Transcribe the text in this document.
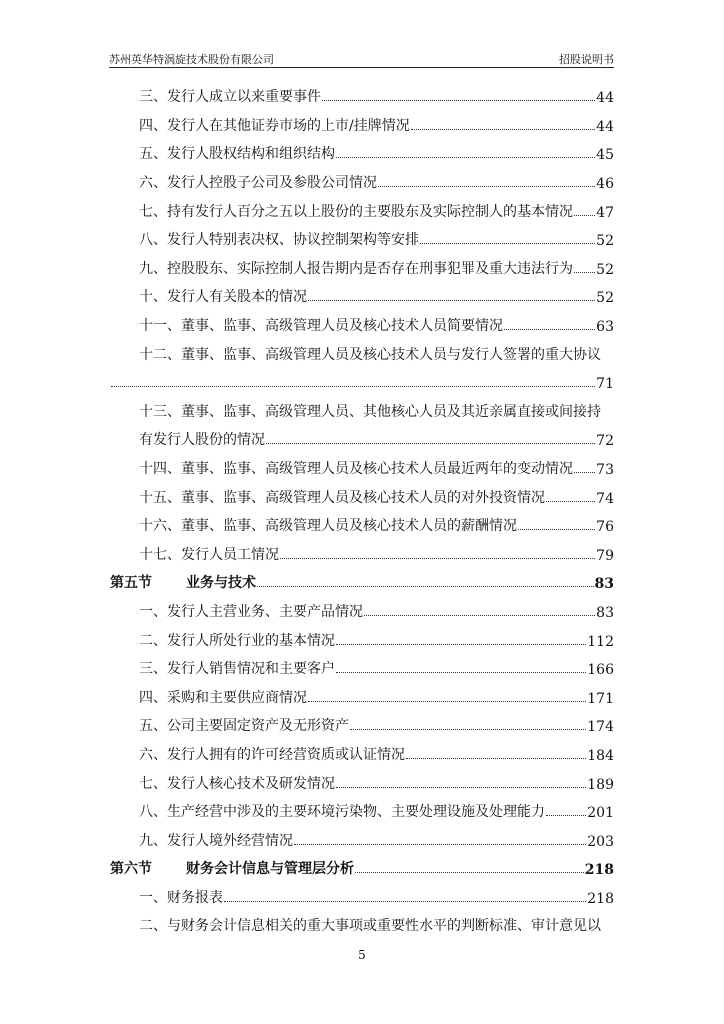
苏州英华特涡旋技术股份有限公司	招股说明书
三、发行人成立以来重要事件	44
四、发行人在其他证券市场的上市/挂牌情况	44
五、发行人股权结构和组织结构	45
六、发行人控股子公司及参股公司情况	46
七、持有发行人百分之五以上股份的主要股东及实际控制人的基本情况 47
八、发行人特别表决权、协议控制架构等安排	52
九、控股股东、实际控制人报告期内是否存在刑事犯罪及重大违法行为 52
十、发行人有关股本的情况	52
十一、董事、监事、高级管理人员及核心技术人员简要情况	63
十二、董事、监事、高级管理人员及核心技术人员与发行人签署的重大协议
71
十三、董事、监事、高级管理人员、其他核心人员及其近亲属直接或间接持
有发行人股份的情况	72
十四、董事、监事、高级管理人员及核心技术人员最近两年的变动情况 73
十五、董事、监事、高级管理人员及核心技术人员的对外投资情况	74
十六、董事、监事、高级管理人员及核心技术人员的薪酬情况	76
十七、发行人员工情况	79
第五节	业务与技术	83
一、发行人主营业务、主要产品情况	83
二、发行人所处行业的基本情况	112
三、发行人销售情况和主要客户	166
四、采购和主要供应商情况	171
五、公司主要固定资产及无形资产	174
六、发行人拥有的许可经营资质或认证情况	184
七、发行人核心技术及研发情况	189
八、生产经营中涉及的主要环境污染物、主要处理设施及处理能力	201
九、发行人境外经营情况	203
第六节	财务会计信息与管理层分析	218
一、财务报表	218
二、与财务会计信息相关的重大事项或重要性水平的判断标准、审计意见以
5
